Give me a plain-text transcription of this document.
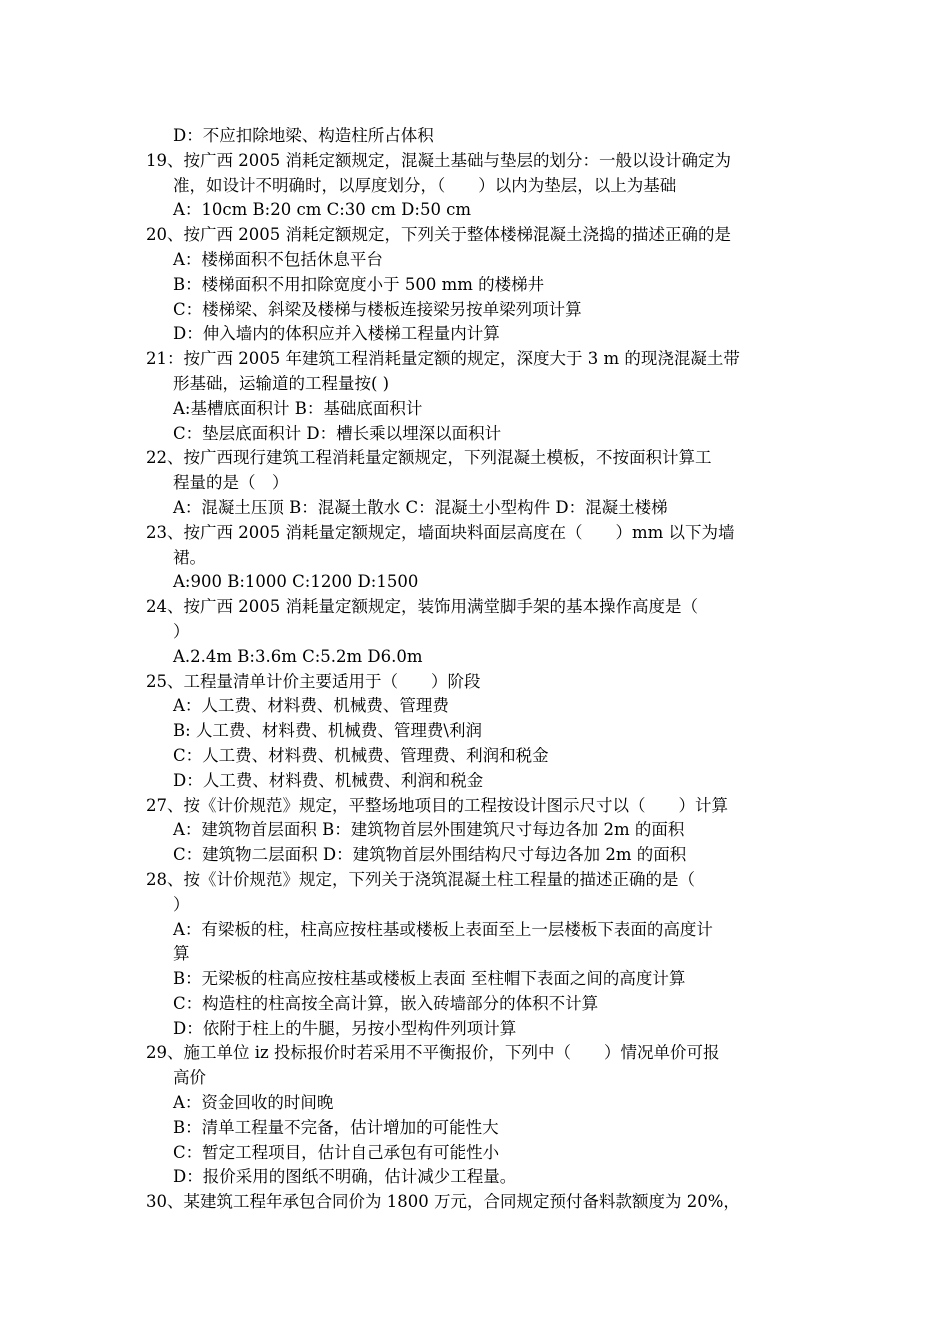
D：不应扣除地梁、构造柱所占体积
19、按广西 2005 消耗定额规定，混凝土基础与垫层的划分：一般以设计确定为
准，如设计不明确时，以厚度划分，（　　）以内为垫层，以上为基础
A：10cm B:20 cm C:30 cm D:50 cm
20、按广西 2005 消耗定额规定，下列关于整体楼梯混凝土浇捣的描述正确的是
A：楼梯面积不包括休息平台
B：楼梯面积不用扣除宽度小于 500 mm 的楼梯井
C：楼梯梁、斜梁及楼梯与楼板连接梁另按单梁列项计算
D：伸入墙内的体积应并入楼梯工程量内计算
21：按广西 2005 年建筑工程消耗量定额的规定，深度大于 3 m 的现浇混凝土带
形基础，运输道的工程量按( )
A:基槽底面积计 B：基础底面积计
C：垫层底面积计 D：槽长乘以埋深以面积计
22、按广西现行建筑工程消耗量定额规定，下列混凝土模板，不按面积计算工
程量的是（　）
A：混凝土压顶 B：混凝土散水 C：混凝土小型构件 D：混凝土楼梯
23、按广西 2005 消耗量定额规定，墙面块料面层高度在（　　）mm 以下为墙
裙。
A:900 B:1000 C:1200 D:1500
24、按广西 2005 消耗量定额规定，装饰用满堂脚手架的基本操作高度是（
）
A.2.4m B:3.6m C:5.2m D6.0m
25、工程量清单计价主要适用于（　　）阶段
A：人工费、材料费、机械费、管理费
B: 人工费、材料费、机械费、管理费\利润
C：人工费、材料费、机械费、管理费、利润和税金
D：人工费、材料费、机械费、利润和税金
27、按《计价规范》规定，平整场地项目的工程按设计图示尺寸以（　　）计算
A：建筑物首层面积 B：建筑物首层外围建筑尺寸每边各加 2m 的面积
C：建筑物二层面积 D：建筑物首层外围结构尺寸每边各加 2m 的面积
28、按《计价规范》规定，下列关于浇筑混凝土柱工程量的描述正确的是（
）
A：有梁板的柱，柱高应按柱基或楼板上表面至上一层楼板下表面的高度计
算
B：无梁板的柱高应按柱基或楼板上表面 至柱帽下表面之间的高度计算
C：构造柱的柱高按全高计算，嵌入砖墙部分的体积不计算
D：依附于柱上的牛腿，另按小型构件列项计算
29、施工单位 iz 投标报价时若采用不平衡报价，下列中（　　）情况单价可报
高价
A：资金回收的时间晚
B：清单工程量不完备，估计增加的可能性大
C：暂定工程项目，估计自己承包有可能性小
D：报价采用的图纸不明确，估计减少工程量。
30、某建筑工程年承包合同价为 1800 万元，合同规定预付备料款额度为 20%，
